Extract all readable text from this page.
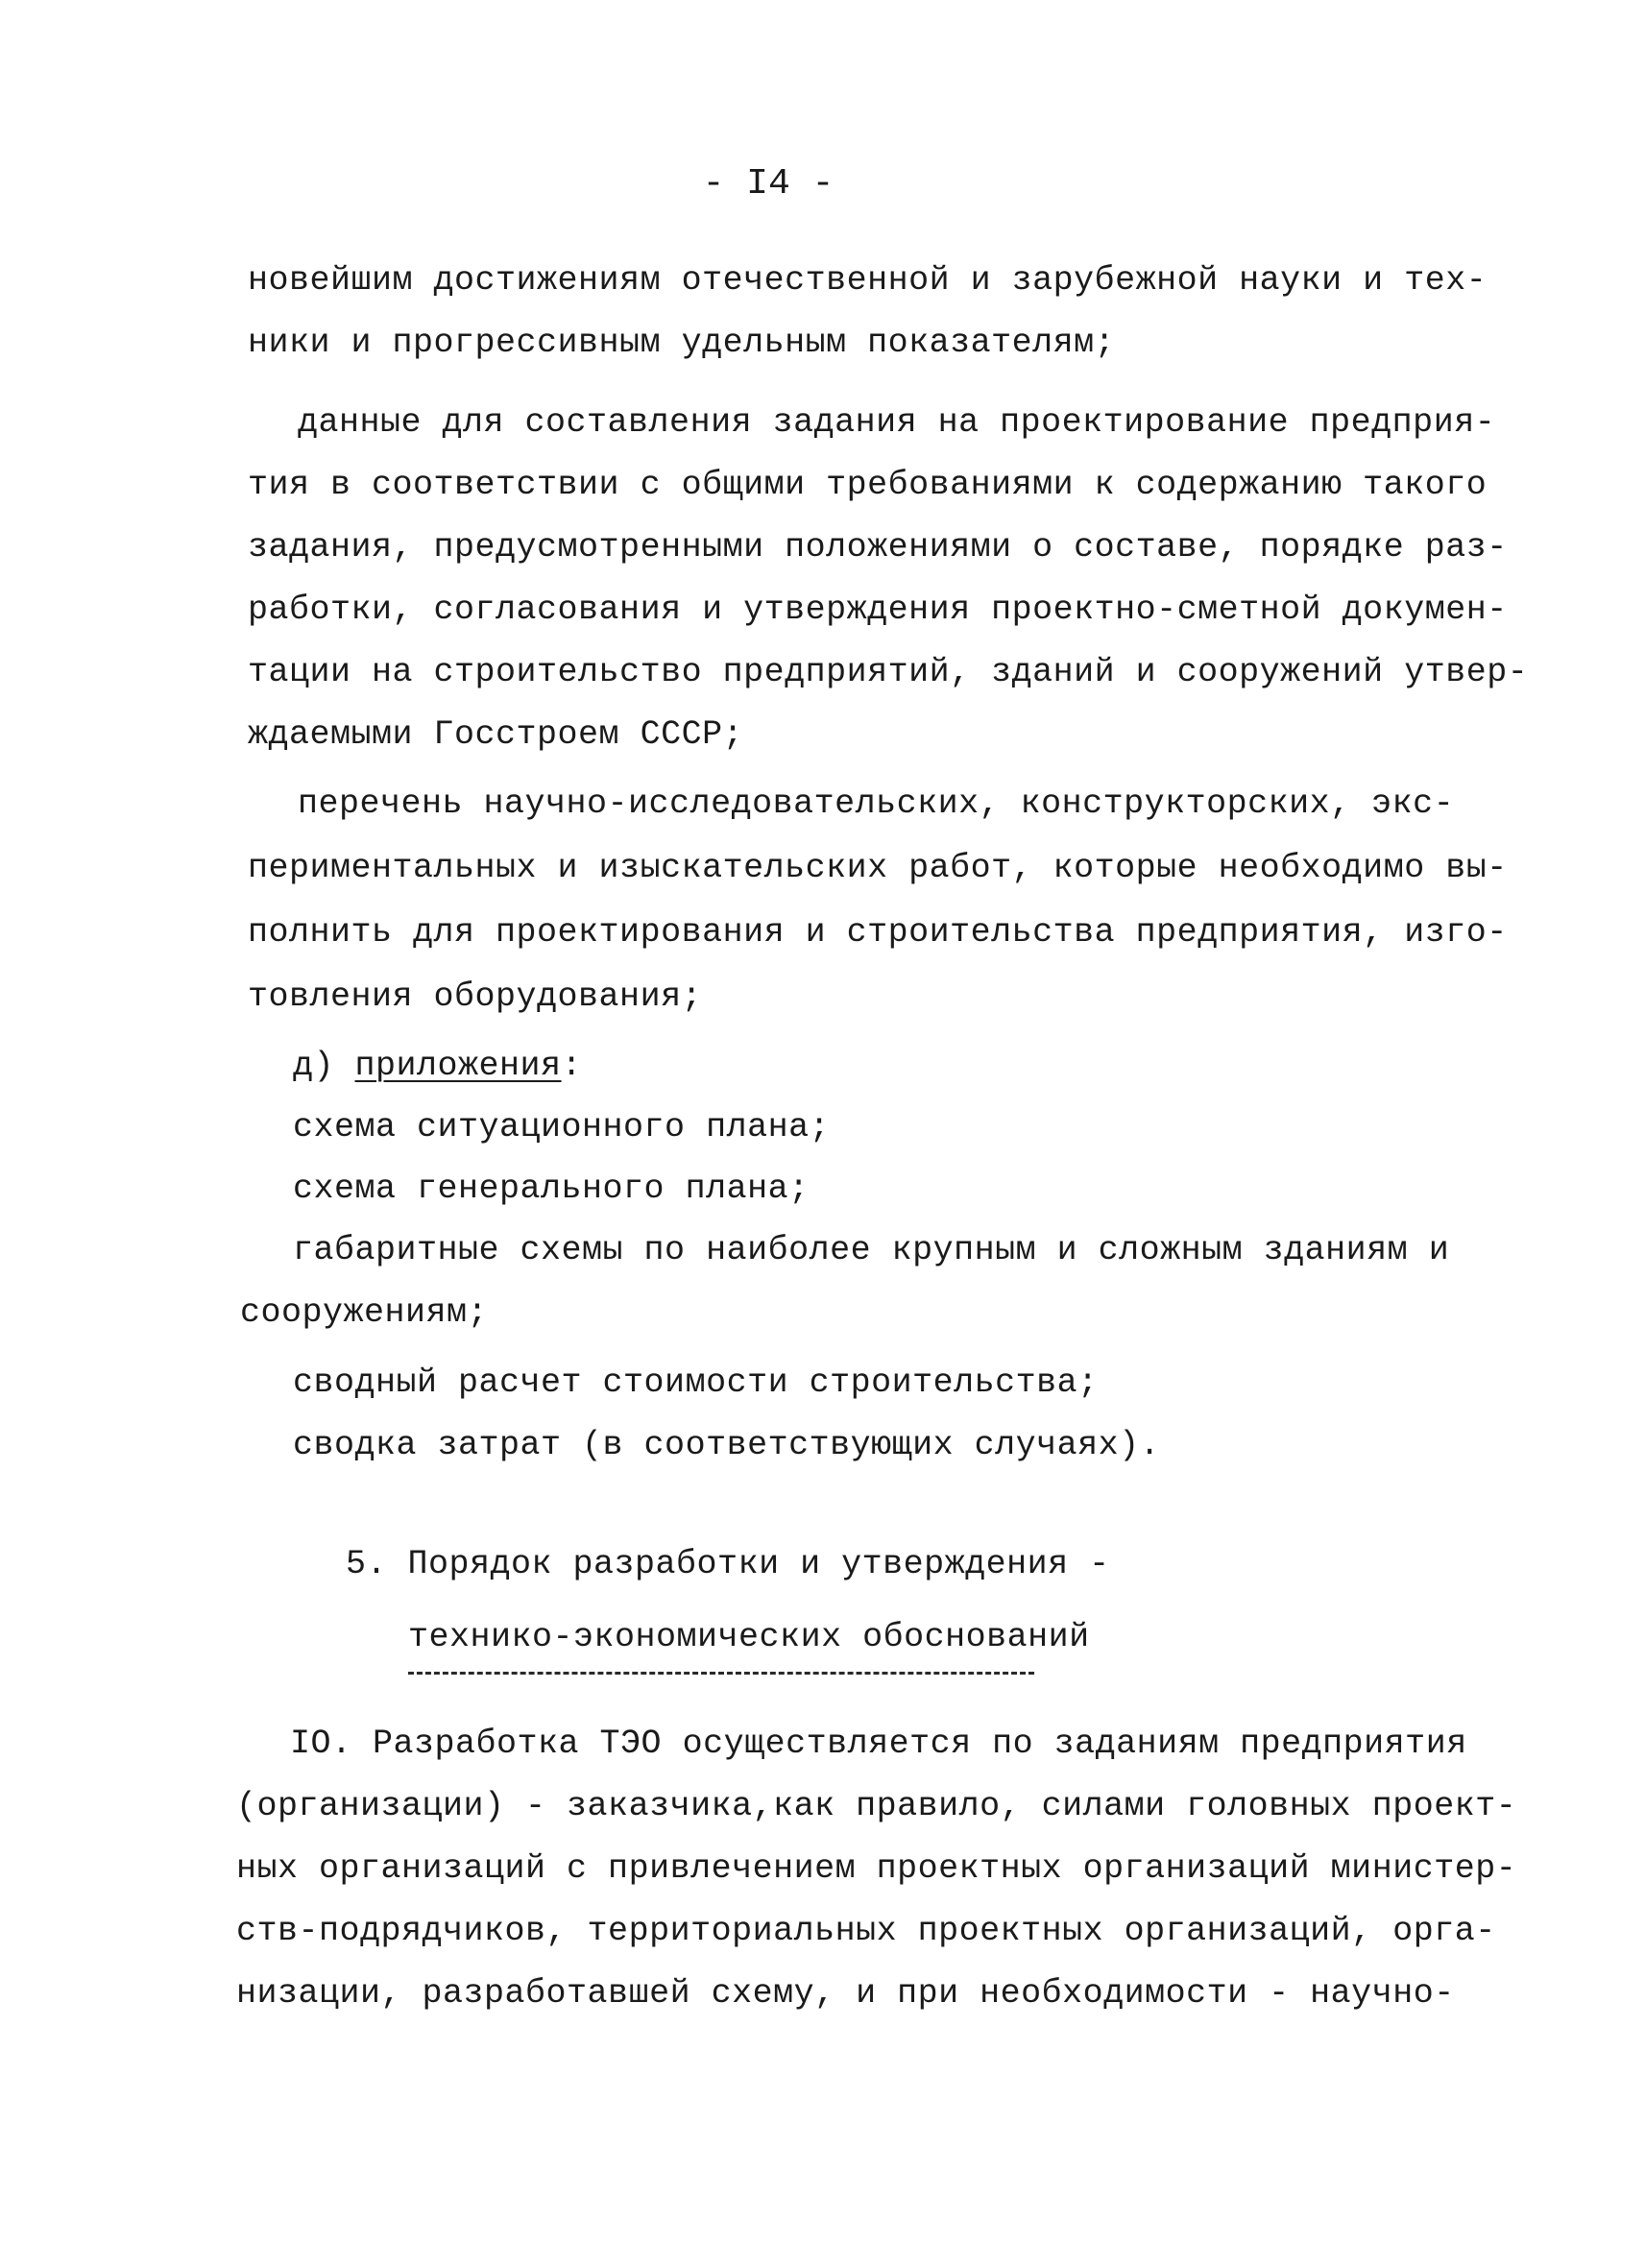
- I4 -
новейшим достижениям отечественной и зарубежной науки и тех-
ники и прогрессивным удельным показателям;
данные для составления задания на проектирование предприя-
тия в соответствии с общими требованиями к содержанию такого
задания, предусмотренными положениями о составе, порядке раз-
работки, согласования и утверждения проектно-сметной докумен-
тации на строительство предприятий, зданий и сооружений утвер-
ждаемыми Госстроем СССР;
перечень научно-исследовательских, конструкторских, экс-
периментальных и изыскательских работ, которые необходимо вы-
полнить для проектирования и строительства предприятия, изго-
товления оборудования;
д) приложения:
схема ситуационного плана;
схема генерального плана;
габаритные схемы по наиболее крупным и сложным зданиям и
сооружениям;
сводный расчет стоимости строительства;
сводка затрат (в соответствующих случаях).
5. Порядок разработки и утверждения -
технико-экономических обоснований
IO. Разработка ТЭО осуществляется по заданиям предприятия
(организации) - заказчика,как правило, силами головных проект-
ных организаций с привлечением проектных организаций министер-
ств-подрядчиков, территориальных проектных организаций, орга-
низации, разработавшей схему, и при необходимости - научно-
